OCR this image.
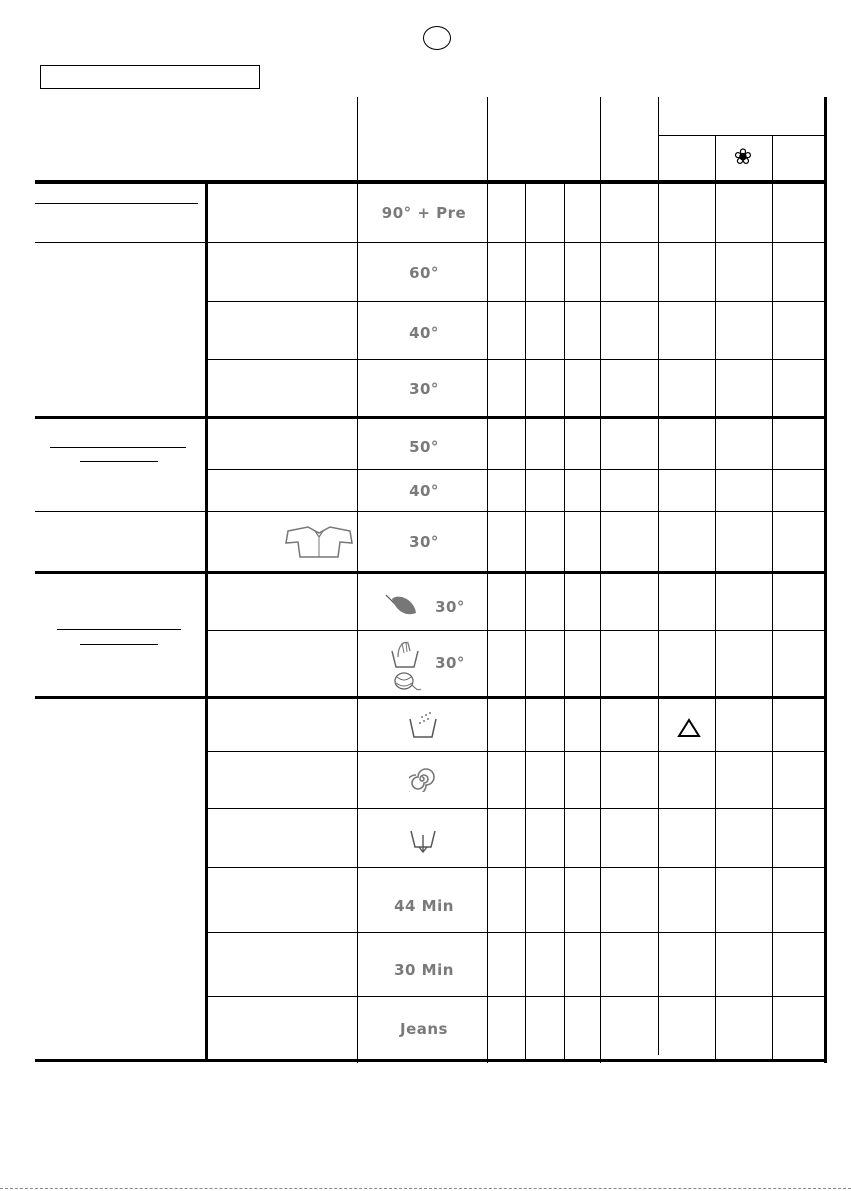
❀
90° + Pre
60°
40°
30°
50°
40°
30°
30°
30°
44 Min
30 Min
Jeans
